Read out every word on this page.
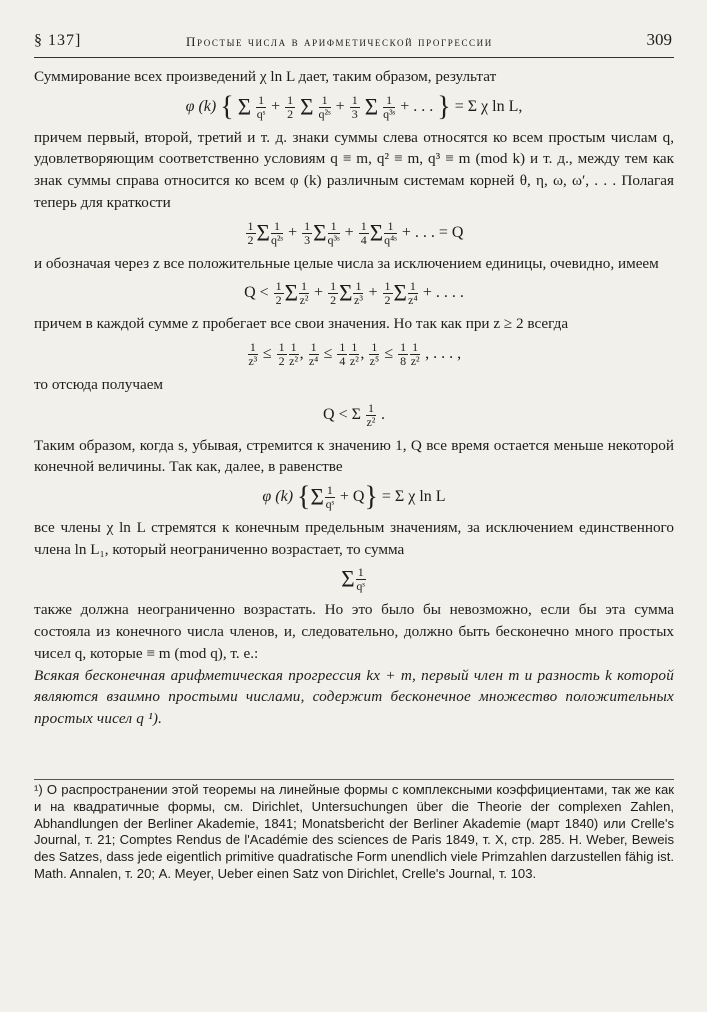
§ 137]	Простые числа в арифметической прогрессии	309

Суммирование всех произведений χ ln L дает, таким образом, результат

φ (k) { Σ $\frac{1}{\text{qˢ}} + \frac{1}{2}$ Σ $\frac{1}{\text{q²ˢ}} + \frac{1}{3}$ Σ $\frac{1}{\text{q³ˢ}}$ + . . . } = Σ χ ln L,

причем первый, второй, третий и т. д. знаки суммы слева относятся ко всем простым числам q, удовлетворяющим соответственно условиям q ≡ m, q² ≡ m, q³ ≡ m (mod k) и т. д., между тем как знак суммы справа относится ко всем φ (k) различным системам корней θ, η, ω, ω′, . . . Полагая теперь для краткости

$\frac{1}{2}$ Σ $\frac{1}{\text{q²ˢ}} + \frac{1}{3}$ Σ $\frac{1}{\text{q³ˢ}} + \frac{1}{4}$ Σ $\frac{1}{\text{q⁴ˢ}}$ + . . . = Q

и обозначая через z все положительные целые числа за исключением единицы, очевидно, имеем

$Q < \frac{1}{2}$ Σ $\frac{1}{\text{z²}} + \frac{1}{2}$ Σ $\frac{1}{\text{z³}} + \frac{1}{2}$ Σ $\frac{1}{\text{z⁴}}$ + . . . .

причем в каждой сумме z пробегает все свои значения. Но так как при z ≥ 2 всегда

$\frac{1}{\text{z³}} \le \frac{1}{2} \frac{1}{\text{z²}}$ , $\frac{1}{\text{z⁴}} \le \frac{1}{4} \frac{1}{\text{z²}}$ , $\frac{1}{\text{z⁵}} \le \frac{1}{8} \frac{1}{\text{z²}}$ , . . . ,

то отсюда получаем

Q < Σ $\frac{1}{\text{z²}}$ .

Таким образом, когда s, убывая, стремится к значению 1, Q все время остается меньше некоторой конечной величины. Так как, далее, в равенстве

φ (k) $\{\Sigma \frac{1}{\text{qˢ}} + Q\} = \Sigma$ χ ln L

все члены χ ln L стремятся к конечным предельным значениям, за исключением единственного члена ln L₁, который неограниченно возрастает, то сумма

Σ $\frac{1}{\text{qˢ}}$

также должна неограниченно возрастать. Но это было бы невозможно, если бы эта сумма состояла из конечного числа членов, и, следовательно, должно быть бесконечно много простых чисел q, которые ≡ m (mod q), т. е.:

Всякая бесконечная арифметическая прогрессия kx + m, первый член m и разность k которой являются взаимно простыми числами, содержит бесконечное множество положительных простых чисел q ¹).

¹) О распространении этой теоремы на линейные формы с комплексными коэффициентами, так же как и на квадратичные формы, см. Dirichlet, Untersuchungen über die Theorie der complexen Zahlen, Abhandlungen der Berliner Akademie, 1841; Monatsbericht der Berliner Akademie (март 1840) или Crelle's Journal, т. 21; Comptes Rendus de l'Académie des sciences de Paris 1849, т. X, стр. 285. H. Weber, Beweis des Satzes, dass jede eigentlich primitive quadratische Form unendlich viele Primzahlen darzustellen fähig ist. Math. Annalen, т. 20; A. Meyer, Ueber einen Satz von Dirichlet, Crelle's Journal, т. 103.
